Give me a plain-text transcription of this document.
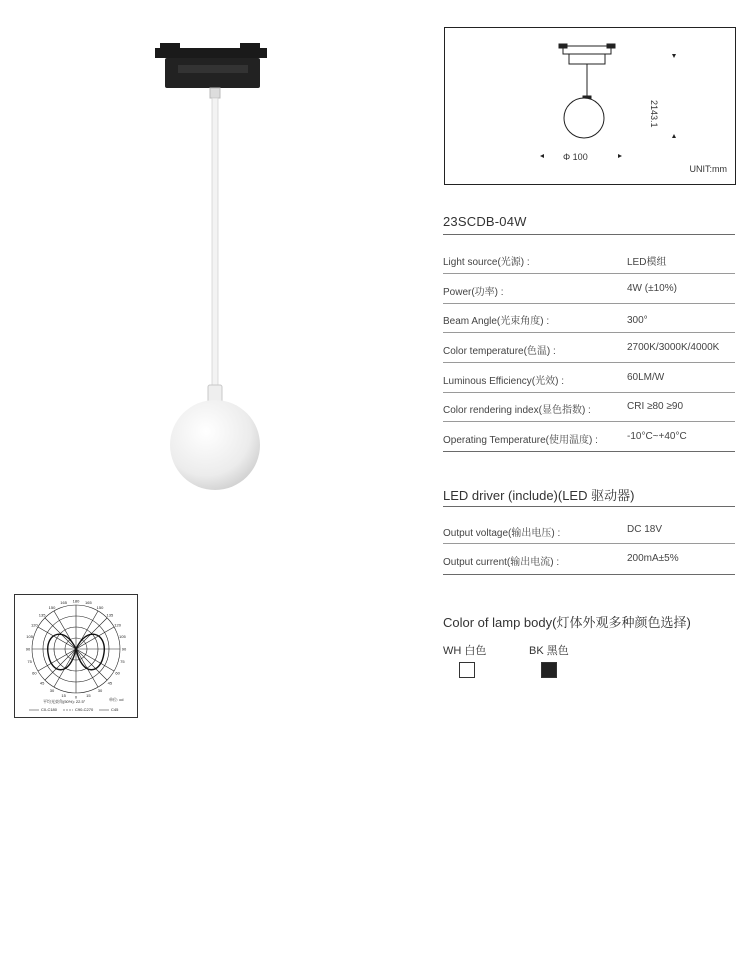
2143.1
Φ 100
UNIT:mm
23SCDB-04W
Light source(光源) :	LED模组
Power(功率) :	4W (±10%)
Beam Angle(光束角度) :	300°
Color temperature(色温) :	2700K/3000K/4000K
Luminous Efficiency(光效) :	60LM/W
Color rendering index(显色指数) :	CRI ≥80 ≥90
Operating Temperature(使用温度) :	-10°C~+40°C
LED driver (include)(LED 驱动器)
Output voltage(输出电压) :	DC 18V
Output current(输出电流) :	200mA±5%
Color of lamp body(灯体外观多种颜色选择)
WH 白色	BK 黑色
平均光束角(50%): 22.5°	单位: cd
C0-C180	C90-C270	C45
180 165
165
150
150
135
135
120
120
105
105
90
90
75
75
60
60
45
45
30
30
15
15 0
